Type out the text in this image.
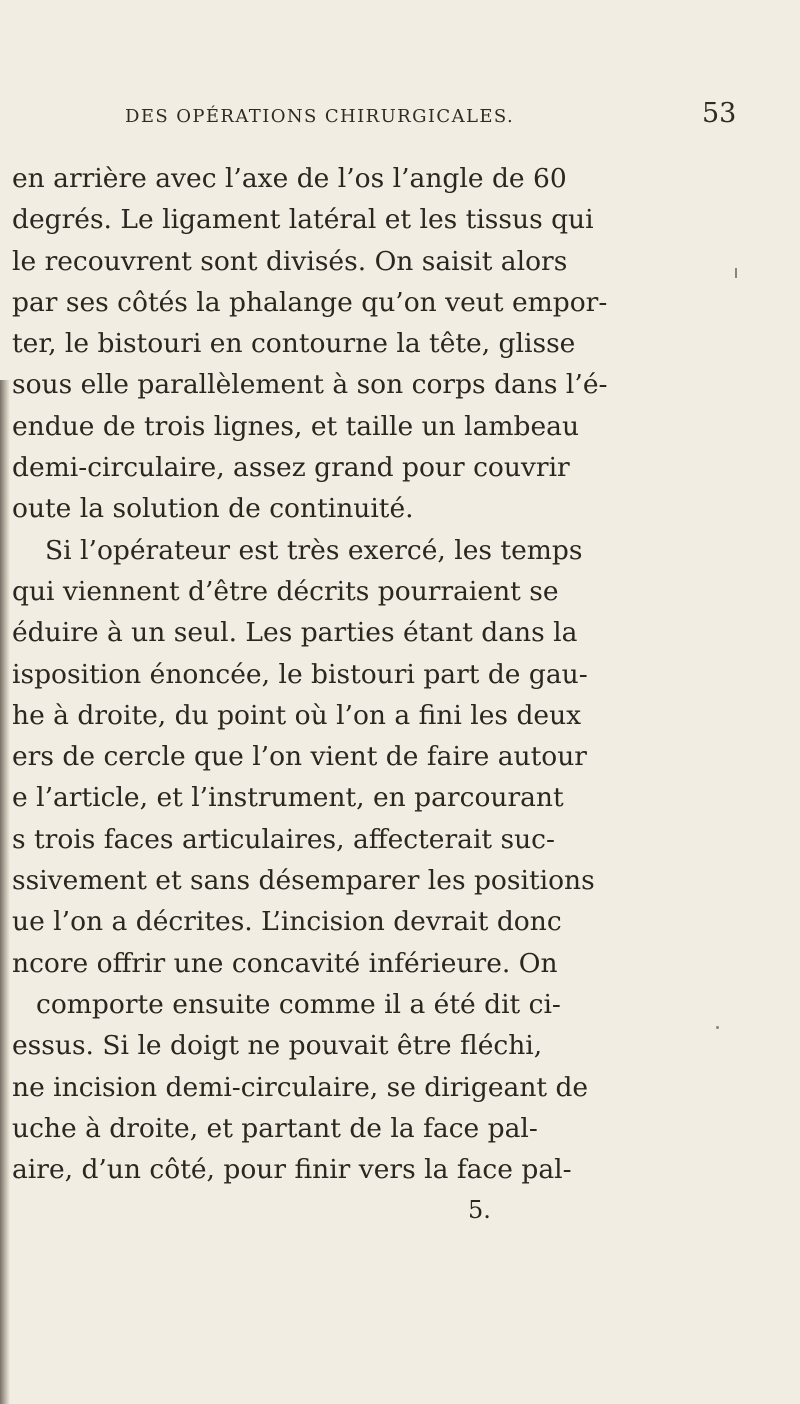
DES OPÉRATIONS CHIRURGICALES.	53
en arrière avec l’axe de l’os l’angle de 60
degrés. Le ligament latéral et les tissus qui
le recouvrent sont divisés. On saisit alors
par ses côtés la phalange qu’on veut empor-
ter, le bistouri en contourne la tête, glisse
sous elle parallèlement à son corps dans l’é-
endue de trois lignes, et taille un lambeau
demi-circulaire, assez grand pour couvrir
oute la solution de continuité.
Si l’opérateur est très exercé, les temps
qui viennent d’être décrits pourraient se
éduire à un seul. Les parties étant dans la
isposition énoncée, le bistouri part de gau-
he à droite, du point où l’on a fini les deux
ers de cercle que l’on vient de faire autour
e l’article, et l’instrument, en parcourant
s trois faces articulaires, affecterait suc-
ssivement et sans désemparer les positions
ue l’on a décrites. L’incision devrait donc
ncore offrir une concavité inférieure. On
comporte ensuite comme il a été dit ci-
essus. Si le doigt ne pouvait être fléchi,
ne incision demi-circulaire, se dirigeant de
uche à droite, et partant de la face pal-
aire, d’un côté, pour finir vers la face pal-
5.
